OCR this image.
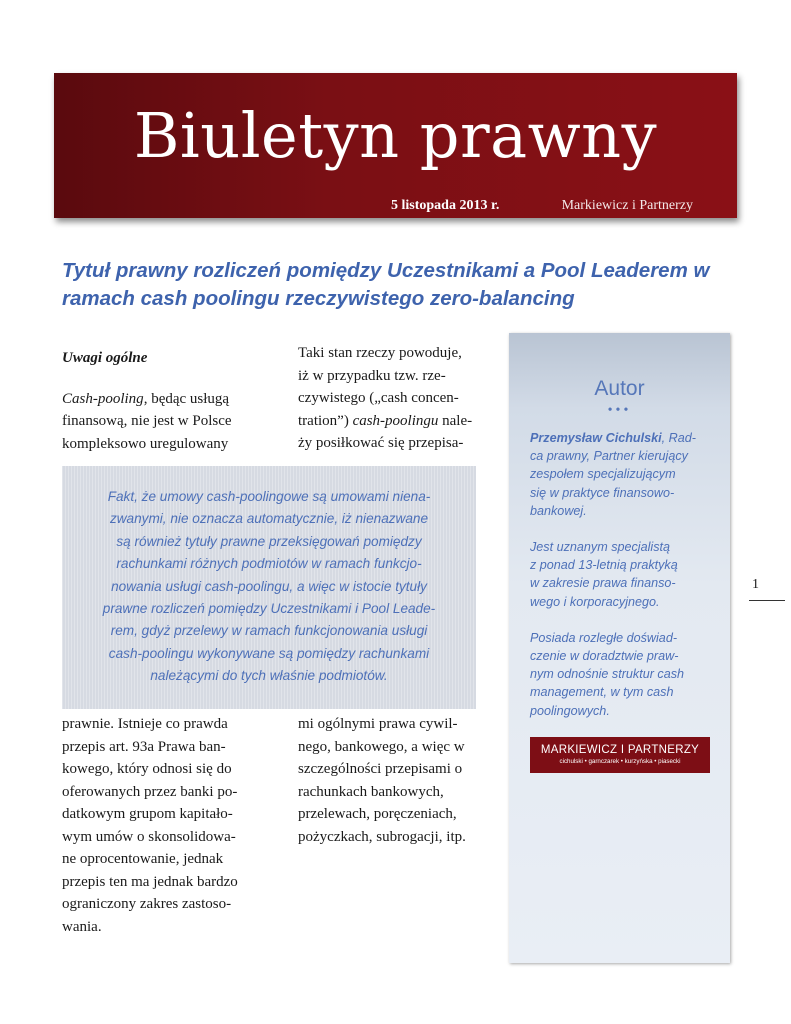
Biuletyn prawny
5 listopada 2013 r.	Markiewicz i Partnerzy
Tytuł prawny rozliczeń pomiędzy Uczestnikami a Pool Leaderem w ramach cash poolingu rzeczywistego zero-balancing

Uwagi ogólne

Cash-pooling, będąc usługą

finansową, nie jest w Polsce

kompleksowo uregulowany

Taki stan rzeczy powoduje,

iż w przypadku tzw. rze-

czywistego („cash concen-

tration”) cash-poolingu nale-

ży posiłkować się przepisa-

Fakt, że umowy cash-poolingowe są umowami niena-
zwanymi, nie oznacza automatycznie, iż nienazwane
są również tytuły prawne przeksięgowań pomiędzy
rachunkami różnych podmiotów w ramach funkcjo-
nowania usługi cash-poolingu, a więc w istocie tytuły
prawne rozliczeń pomiędzy Uczestnikami i Pool Leade-
rem, gdyż przelewy w ramach funkcjonowania usługi
cash-poolingu wykonywane są pomiędzy rachunkami
należącymi do tych właśnie podmiotów.

prawnie. Istnieje co prawda

przepis art. 93a Prawa ban-

kowego, który odnosi się do

oferowanych przez banki po-

datkowym grupom kapitało-

wym umów o skonsolidowa-

ne oprocentowanie, jednak

przepis ten ma jednak bardzo

ograniczony zakres zastoso-

wania.

mi ogólnymi prawa cywil-

nego, bankowego, a więc w

szczególności przepisami o

rachunkach bankowych,

przelewach, poręczeniach,

pożyczkach, subrogacji, itp.

Autor
•••

Przemysław Cichulski, Rad-
ca prawny, Partner kierujący
zespołem specjalizującym
się w praktyce finansowo-
bankowej.

Jest uznanym specjalistą
z ponad 13-letnią praktyką
w zakresie prawa finanso-
wego i korporacyjnego.

Posiada rozległe doświad-
czenie w doradztwie praw-
nym odnośnie struktur cash
management, w tym cash
poolingowych.

MARKIEWICZ I PARTNERZY
cichulski • garnczarek • kurzyńska • piasecki
1
